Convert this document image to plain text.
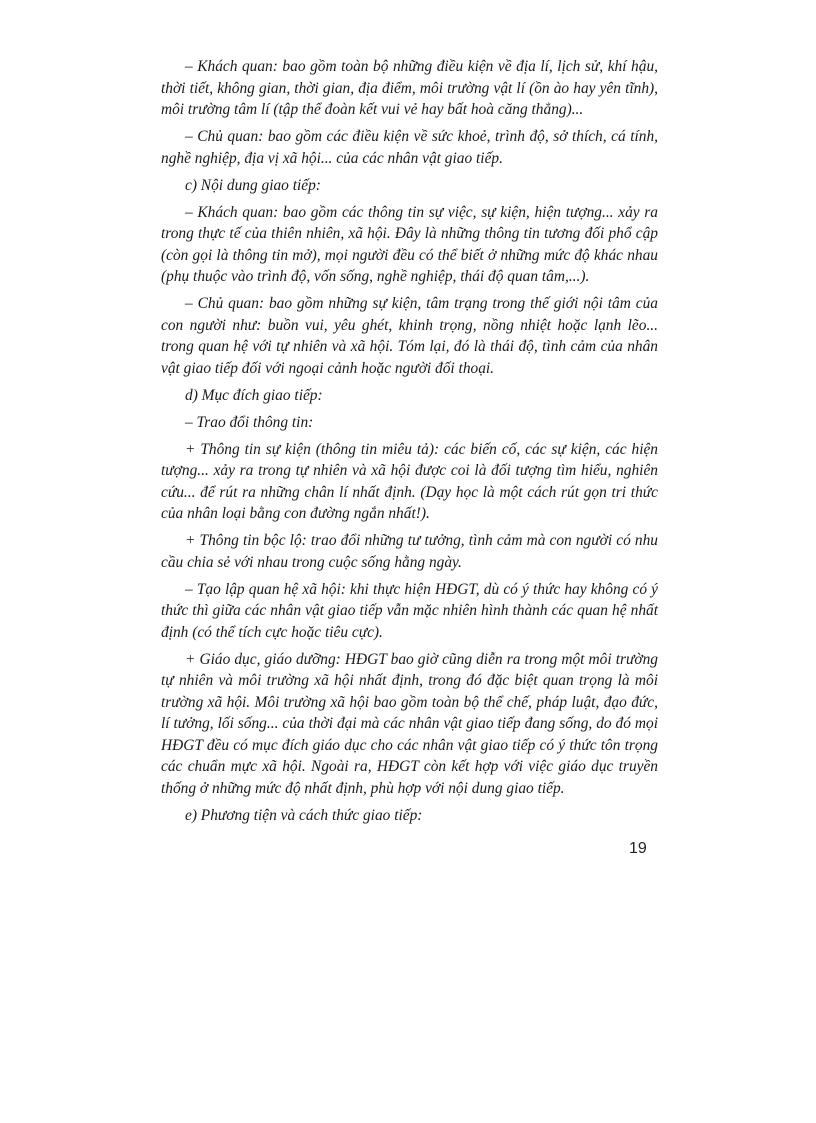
– Khách quan: bao gồm toàn bộ những điều kiện về địa lí, lịch sử, khí hậu, thời tiết, không gian, thời gian, địa điểm, môi trường vật lí (ồn ào hay yên tĩnh), môi trường tâm lí (tập thể đoàn kết vui vẻ hay bất hoà căng thẳng)...

– Chủ quan: bao gồm các điều kiện về sức khoẻ, trình độ, sở thích, cá tính, nghề nghiệp, địa vị xã hội... của các nhân vật giao tiếp.

c) Nội dung giao tiếp:

– Khách quan: bao gồm các thông tin sự việc, sự kiện, hiện tượng... xảy ra trong thực tế của thiên nhiên, xã hội. Đây là những thông tin tương đối phổ cập (còn gọi là thông tin mở), mọi người đều có thể biết ở những mức độ khác nhau (phụ thuộc vào trình độ, vốn sống, nghề nghiệp, thái độ quan tâm,...).

– Chủ quan: bao gồm những sự kiện, tâm trạng trong thế giới nội tâm của con người như: buồn vui, yêu ghét, khinh trọng, nồng nhiệt hoặc lạnh lẽo... trong quan hệ với tự nhiên và xã hội. Tóm lại, đó là thái độ, tình cảm của nhân vật giao tiếp đối với ngoại cảnh hoặc người đối thoại.

d) Mục đích giao tiếp:

– Trao đổi thông tin:

+ Thông tin sự kiện (thông tin miêu tả): các biến cố, các sự kiện, các hiện tượng... xảy ra trong tự nhiên và xã hội được coi là đối tượng tìm hiểu, nghiên cứu... để rút ra những chân lí nhất định. (Dạy học là một cách rút gọn tri thức của nhân loại bằng con đường ngắn nhất!).

+ Thông tin bộc lộ: trao đổi những tư tưởng, tình cảm mà con người có nhu cầu chia sẻ với nhau trong cuộc sống hằng ngày.

– Tạo lập quan hệ xã hội: khi thực hiện HĐGT, dù có ý thức hay không có ý thức thì giữa các nhân vật giao tiếp vẫn mặc nhiên hình thành các quan hệ nhất định (có thể tích cực hoặc tiêu cực).

+ Giáo dục, giáo dưỡng: HĐGT bao giờ cũng diễn ra trong một môi trường tự nhiên và môi trường xã hội nhất định, trong đó đặc biệt quan trọng là môi trường xã hội. Môi trường xã hội bao gồm toàn bộ thể chế, pháp luật, đạo đức, lí tưởng, lối sống... của thời đại mà các nhân vật giao tiếp đang sống, do đó mọi HĐGT đều có mục đích giáo dục cho các nhân vật giao tiếp có ý thức tôn trọng các chuẩn mực xã hội. Ngoài ra, HĐGT còn kết hợp với việc giáo dục truyền thống ở những mức độ nhất định, phù hợp với nội dung giao tiếp.

e) Phương tiện và cách thức giao tiếp:

19
